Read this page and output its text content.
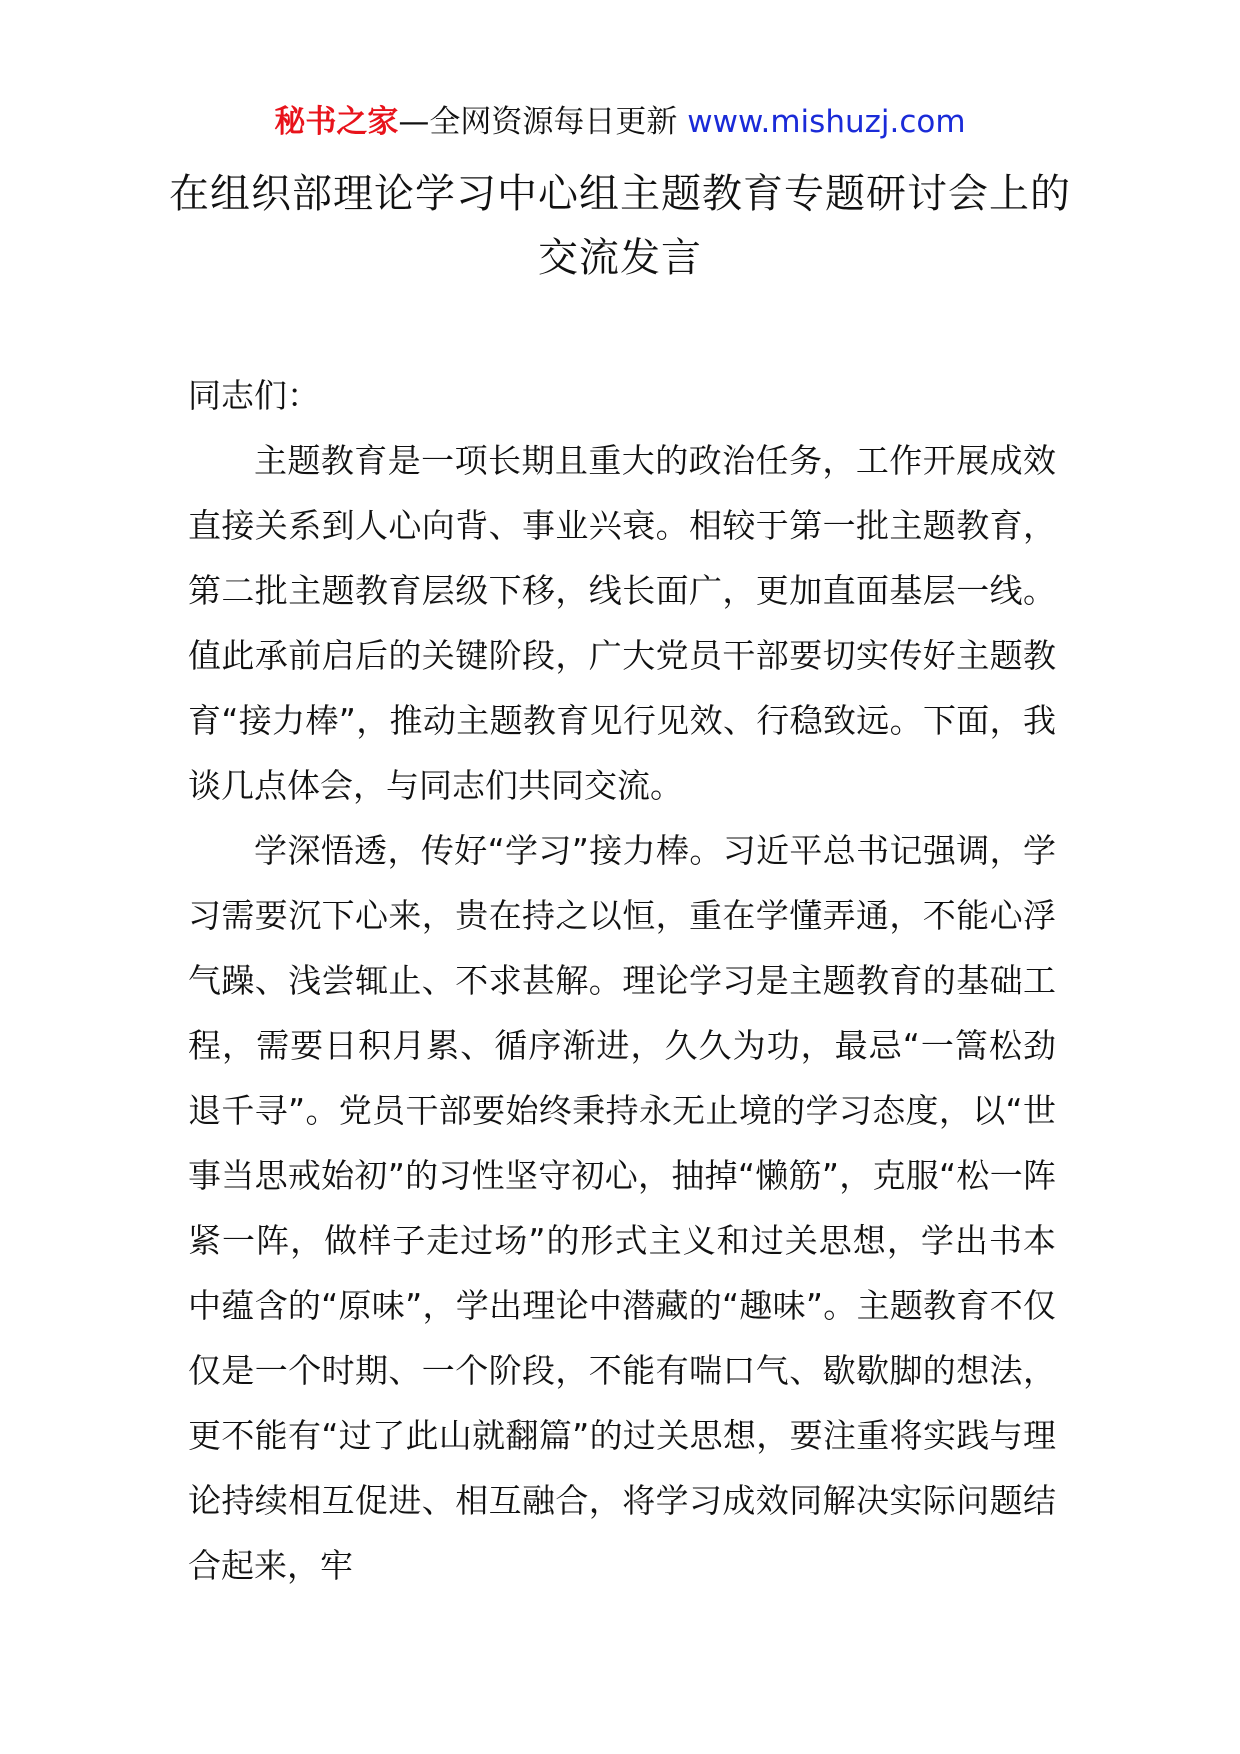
秘书之家—全网资源每日更新 www.mishuzj.com
在组织部理论学习中心组主题教育专题研讨会上的交流发言

同志们：

主题教育是一项长期且重大的政治任务，工作开展成效直接关系到人心向背、事业兴衰。相较于第一批主题教育，第二批主题教育层级下移，线长面广，更加直面基层一线。值此承前启后的关键阶段，广大党员干部要切实传好主题教育“接力棒”，推动主题教育见行见效、行稳致远。下面，我谈几点体会，与同志们共同交流。

学深悟透，传好“学习”接力棒。习近平总书记强调，学习需要沉下心来，贵在持之以恒，重在学懂弄通，不能心浮气躁、浅尝辄止、不求甚解。理论学习是主题教育的基础工程，需要日积月累、循序渐进，久久为功，最忌“一篙松劲退千寻”。党员干部要始终秉持永无止境的学习态度，以“世事当思戒始初”的习性坚守初心，抽掉“懒筋”，克服“松一阵紧一阵，做样子走过场”的形式主义和过关思想，学出书本中蕴含的“原味”，学出理论中潜藏的“趣味”。主题教育不仅仅是一个时期、一个阶段，不能有喘口气、歇歇脚的想法，更不能有“过了此山就翻篇”的过关思想，要注重将实践与理论持续相互促进、相互融合，将学习成效同解决实际问题结合起来，牢
